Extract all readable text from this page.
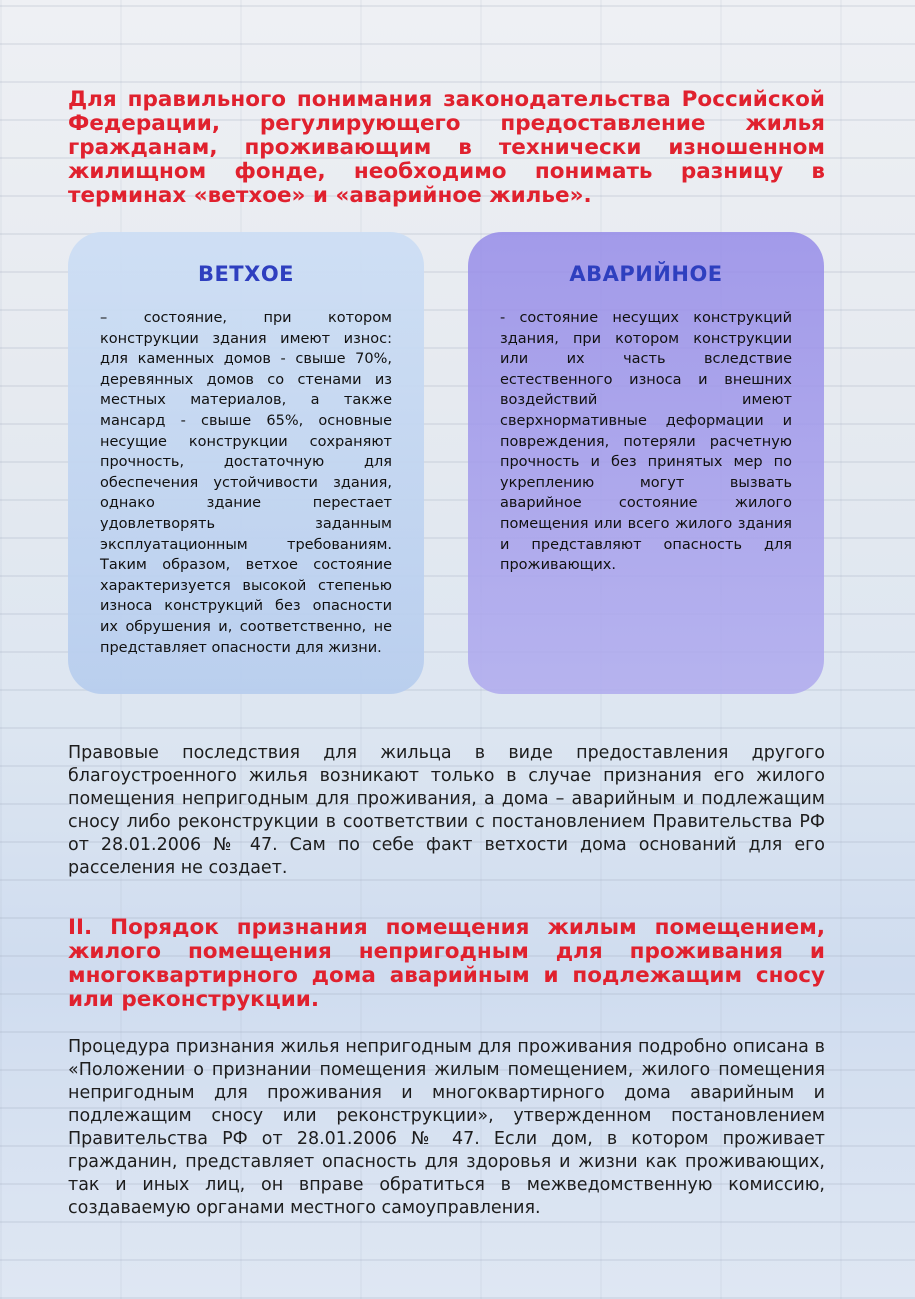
Для правильного понимания законодательства Российской Федерации, регулирующего предоставление жилья гражданам, проживающим в технически изношенном жилищном фонде, необходимо понимать разницу в терминах «ветхое» и «аварийное жилье».
ВЕТХОЕ
– состояние, при котором конструкции здания имеют износ: для каменных домов - свыше 70%, деревянных домов со стенами из местных материалов, а также мансард - свыше 65%, основные несущие конструкции сохраняют прочность, достаточную для обеспечения устойчивости здания, однако здание перестает удовлетворять заданным эксплуатационным требованиям. Таким образом, ветхое состояние характеризуется высокой степенью износа конструкций без опасности их обрушения и, соответственно, не представляет опасности для жизни.
АВАРИЙНОЕ
- состояние несущих конструкций здания, при котором конструкции или их часть вследствие естественного износа и внешних воздействий имеют сверхнормативные деформации и повреждения, потеряли расчетную прочность и без принятых мер по укреплению могут вызвать аварийное состояние жилого помещения или всего жилого здания и представляют опасность для проживающих.
Правовые последствия для жильца в виде предоставления другого благоустроенного жилья возникают только в случае признания его жилого помещения непригодным для проживания, а дома – аварийным и подлежащим сносу либо реконструкции в соответствии с постановлением Правительства РФ от 28.01.2006 № 47. Сам по себе факт ветхости дома оснований для его расселения не создает.
II. Порядок признания помещения жилым помещением, жилого помещения непригодным для проживания и многоквартирного дома аварийным и подлежащим сносу или реконструкции.
Процедура признания жилья непригодным для проживания подробно описана в «Положении о признании помещения жилым помещением, жилого помещения непригодным для проживания и многоквартирного дома аварийным и подлежащим сносу или реконструкции», утвержденном постановлением Правительства РФ от 28.01.2006 № 47. Если дом, в котором проживает гражданин, представляет опасность для здоровья и жизни как проживающих, так и иных лиц, он вправе обратиться в межведомственную комиссию, создаваемую органами местного самоуправления.
